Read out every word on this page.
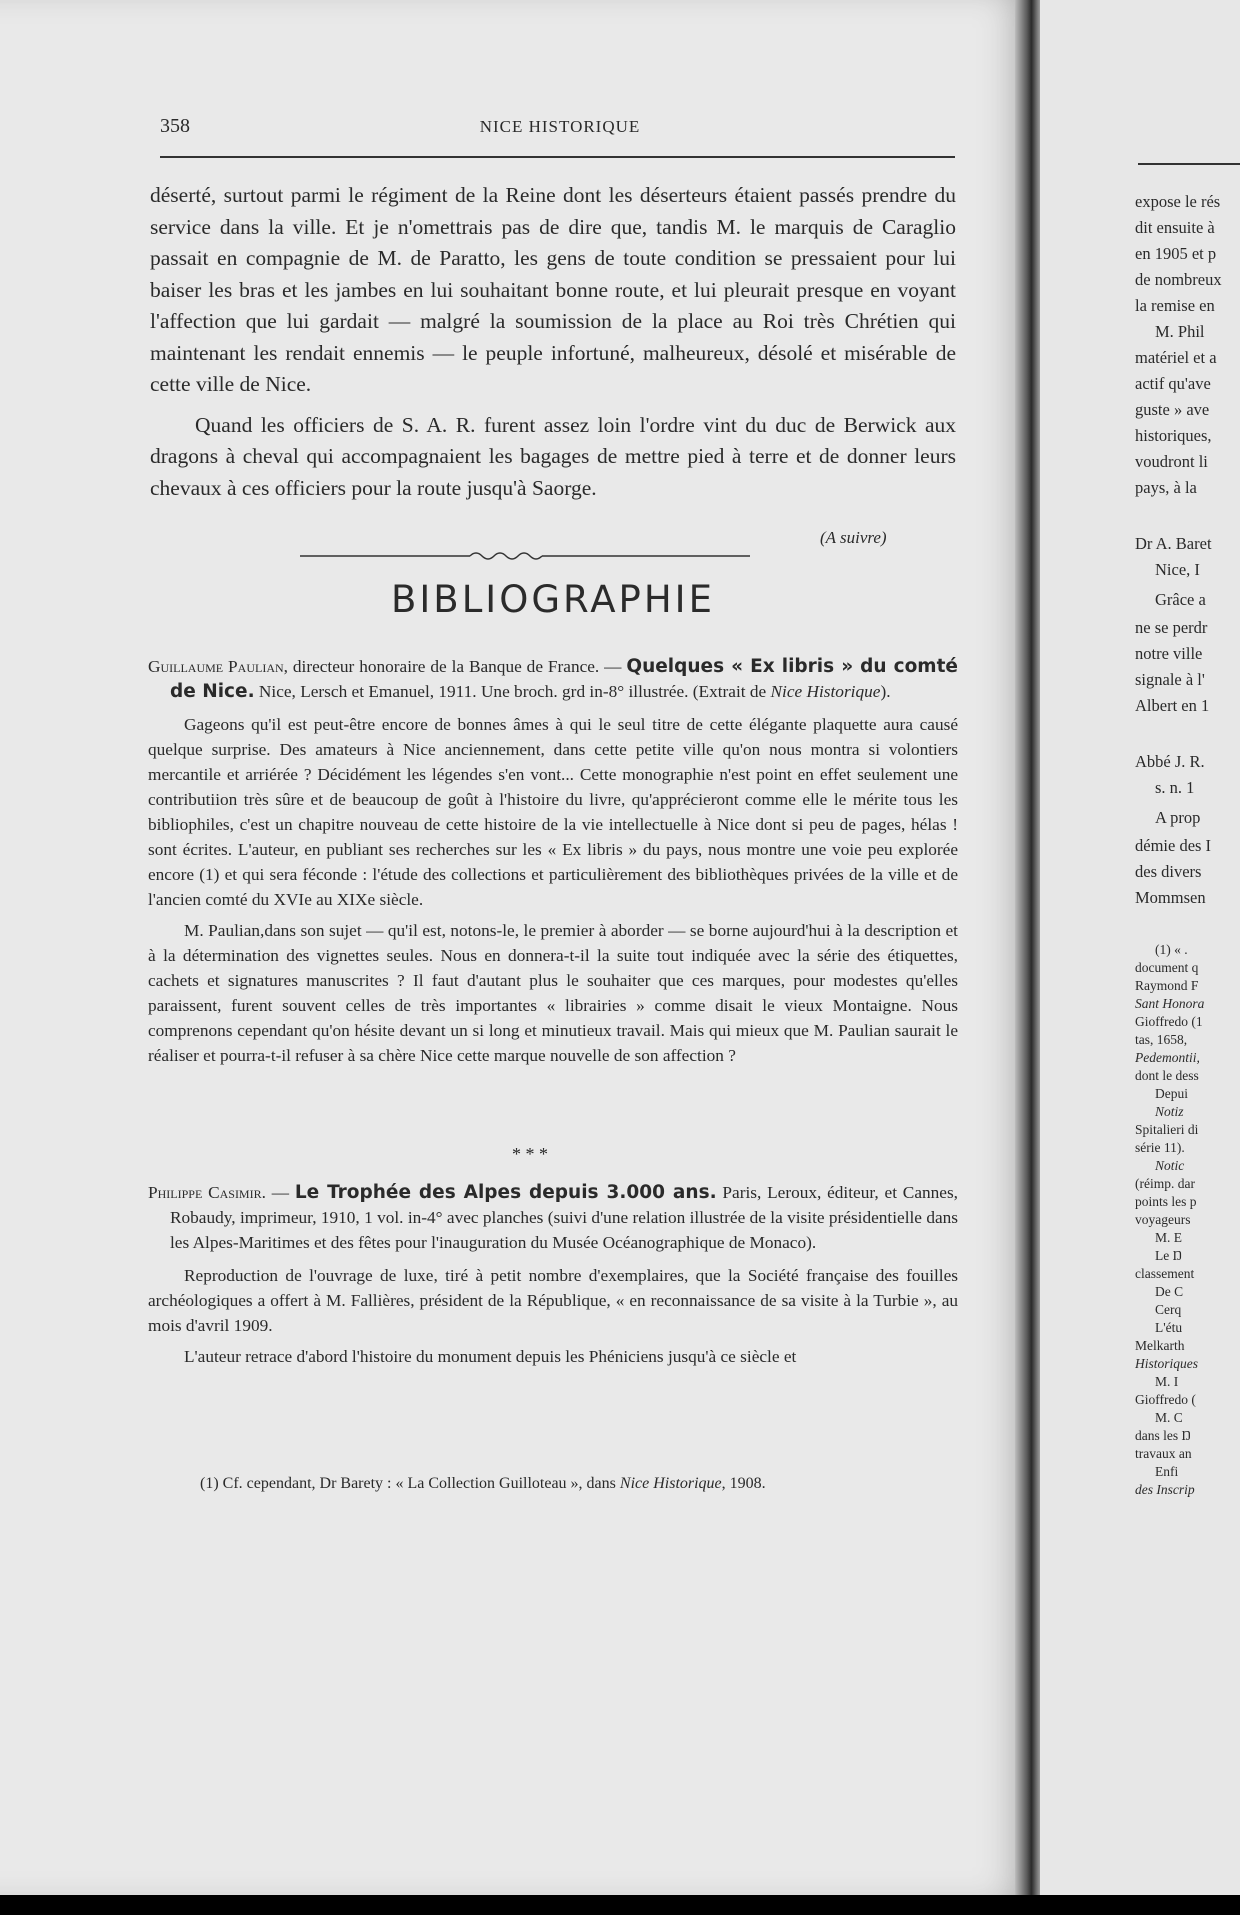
358	NICE HISTORIQUE

déserté, surtout parmi le régiment de la Reine dont les déserteurs étaient passés prendre du service dans la ville. Et je n'omettrais pas de dire que, tandis M. le marquis de Caraglio passait en compagnie de M. de Paratto, les gens de toute condition se pressaient pour lui baiser les bras et les jambes en lui souhaitant bonne route, et lui pleurait presque en voyant l'affection que lui gardait — malgré la soumission de la place au Roi très Chrétien qui maintenant les rendait ennemis — le peuple infortuné, malheureux, désolé et misérable de cette ville de Nice.

Quand les officiers de S. A. R. furent assez loin l'ordre vint du duc de Berwick aux dragons à cheval qui accompagnaient les bagages de mettre pied à terre et de donner leurs chevaux à ces officiers pour la route jusqu'à Saorge.

(A suivre)
BIBLIOGRAPHIE

Guillaume Paulian, directeur honoraire de la Banque de France. — Quelques « Ex libris » du comté de Nice. Nice, Lersch et Emanuel, 1911. Une broch. grd in-8° illustrée. (Extrait de Nice Historique).

Gageons qu'il est peut-être encore de bonnes âmes à qui le seul titre de cette élégante plaquette aura causé quelque surprise. Des amateurs à Nice anciennement, dans cette petite ville qu'on nous montra si volontiers mercantile et arriérée ? Décidément les légendes s'en vont... Cette monographie n'est point en effet seulement une contributiion très sûre et de beaucoup de goût à l'histoire du livre, qu'apprécieront comme elle le mérite tous les bibliophiles, c'est un chapitre nouveau de cette histoire de la vie intellectuelle à Nice dont si peu de pages, hélas ! sont écrites. L'auteur, en publiant ses recherches sur les « Ex libris » du pays, nous montre une voie peu explorée encore (1) et qui sera féconde : l'étude des collections et particulièrement des bibliothèques privées de la ville et de l'ancien comté du XVIe au XIXe siècle.

M. Paulian,dans son sujet — qu'il est, notons-le, le premier à aborder — se borne aujourd'hui à la description et à la détermination des vignettes seules. Nous en donnera-t-il la suite tout indiquée avec la série des étiquettes, cachets et signatures manuscrites ? Il faut d'autant plus le souhaiter que ces marques, pour modestes qu'elles paraissent, furent souvent celles de très importantes « librairies » comme disait le vieux Montaigne. Nous comprenons cependant qu'on hésite devant un si long et minutieux travail. Mais qui mieux que M. Paulian saurait le réaliser et pourra-t-il refuser à sa chère Nice cette marque nouvelle de son affection ?

* * *

Philippe Casimir. — Le Trophée des Alpes depuis 3.000 ans. Paris, Leroux, éditeur, et Cannes, Robaudy, imprimeur, 1910, 1 vol. in-4° avec planches (suivi d'une relation illustrée de la visite présidentielle dans les Alpes-Maritimes et des fêtes pour l'inauguration du Musée Océanographique de Monaco).

Reproduction de l'ouvrage de luxe, tiré à petit nombre d'exemplaires, que la Société française des fouilles archéologiques a offert à M. Fallières, président de la République, « en reconnaissance de sa visite à la Turbie », au mois d'avril 1909.

L'auteur retrace d'abord l'histoire du monument depuis les Phéniciens jusqu'à ce siècle et

(1) Cf. cependant, Dr Barety : « La Collection Guilloteau », dans Nice Historique, 1908.
expose le rés
dit ensuite à
en 1905 et p
de nombreux
la remise en
M. Phil
matériel et a
actif qu'ave
guste » ave
historiques,
voudront li
pays, à la
Dr A. Baret
Nice, I
Grâce a
ne se perdr
notre ville
signale à l'
Albert en 1
Abbé J. R.
s. n. 1
A prop
démie des I
des divers
Mommsen
(1) « .
document q
Raymond F
Sant Honora
Gioffredo (1
tas, 1658,
Pedemontii,
dont le dess
Depui
Notiz
Spitalieri di
série 11).
Notic
(réimp. dar
points les p
voyageurs
M. E
Le Ŋ
classement
De C
Cerq
L'étu
Melkarth
Historiques
M. I
Gioffredo (
M. C
dans les Ŋ
travaux an
Enfi
des Inscrip
